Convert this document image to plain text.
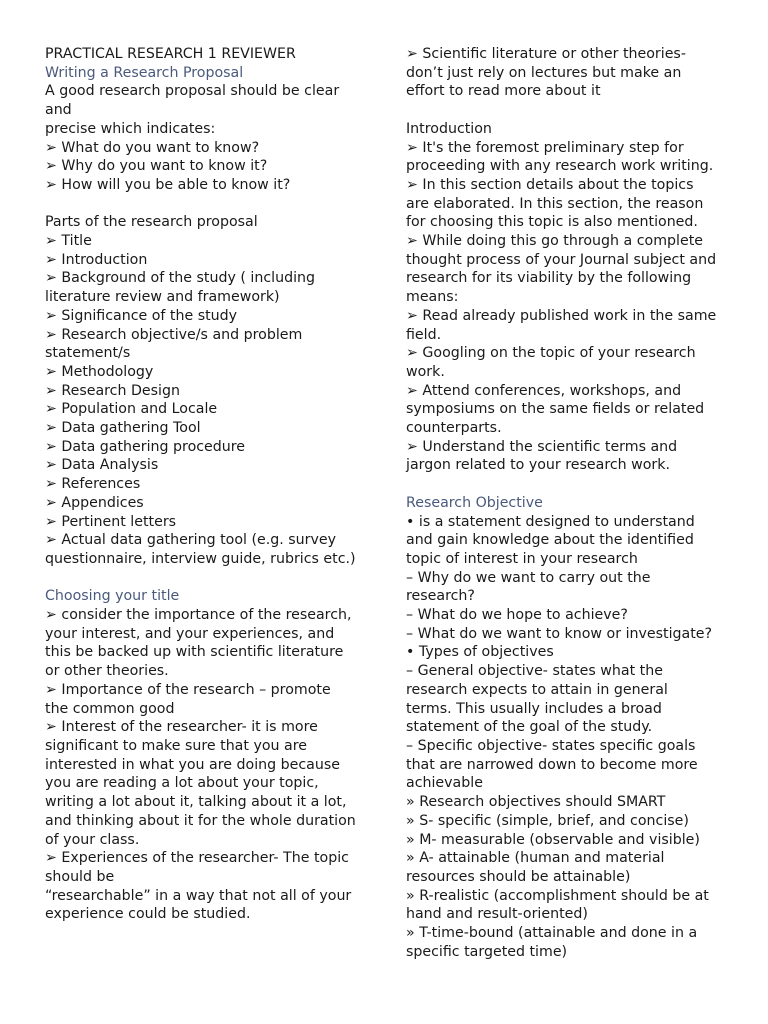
PRACTICAL RESEARCH 1 REVIEWER
Writing a Research Proposal
A good research proposal should be clear
and
precise which indicates:
➢ What do you want to know?
➢ Why do you want to know it?
➢ How will you be able to know it?
Parts of the research proposal
➢ Title
➢ Introduction
➢ Background of the study ( including
literature review and framework)
➢ Significance of the study
➢ Research objective/s and problem
statement/s
➢ Methodology
➢ Research Design
➢ Population and Locale
➢ Data gathering Tool
➢ Data gathering procedure
➢ Data Analysis
➢ References
➢ Appendices
➢ Pertinent letters
➢ Actual data gathering tool (e.g. survey
questionnaire, interview guide, rubrics etc.)
Choosing your title
➢ consider the importance of the research,
your interest, and your experiences, and
this be backed up with scientific literature
or other theories.
➢ Importance of the research – promote
the common good
➢ Interest of the researcher- it is more
significant to make sure that you are
interested in what you are doing because
you are reading a lot about your topic,
writing a lot about it, talking about it a lot,
and thinking about it for the whole duration
of your class.
➢ Experiences of the researcher- The topic
should be
“researchable” in a way that not all of your
experience could be studied.
➢ Scientific literature or other theories-
don’t just rely on lectures but make an
effort to read more about it
Introduction
➢ It's the foremost preliminary step for
proceeding with any research work writing.
➢ In this section details about the topics
are elaborated. In this section, the reason
for choosing this topic is also mentioned.
➢ While doing this go through a complete
thought process of your Journal subject and
research for its viability by the following
means:
➢ Read already published work in the same
field.
➢ Googling on the topic of your research
work.
➢ Attend conferences, workshops, and
symposiums on the same fields or related
counterparts.
➢ Understand the scientific terms and
jargon related to your research work.
Research Objective
• is a statement designed to understand
and gain knowledge about the identified
topic of interest in your research
– Why do we want to carry out the
research?
– What do we hope to achieve?
– What do we want to know or investigate?
• Types of objectives
– General objective- states what the
research expects to attain in general
terms. This usually includes a broad
statement of the goal of the study.
– Specific objective- states specific goals
that are narrowed down to become more
achievable
» Research objectives should SMART
» S- specific (simple, brief, and concise)
» M- measurable (observable and visible)
» A- attainable (human and material
resources should be attainable)
» R-realistic (accomplishment should be at
hand and result-oriented)
» T-time-bound (attainable and done in a
specific targeted time)
